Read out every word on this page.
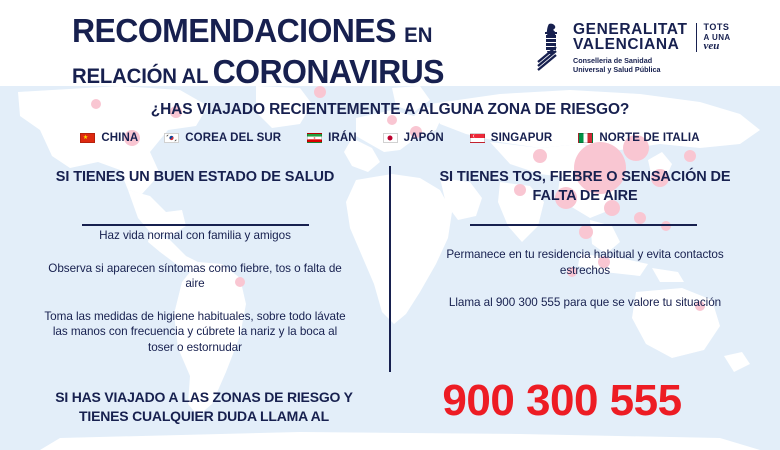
RECOMENDACIONES EN
RELACIÓN AL CORONAVIRUS
GENERALITAT
VALENCIANA
Conselleria de Sanidad
Universal y Salud Pública
TOTS
A UNA
veu
¿HAS VIAJADO RECIENTEMENTE A ALGUNA ZONA DE RIESGO?
★ CHINA	COREA DEL SUR	IRÁN	JAPÓN	SINGAPUR	NORTE DE ITALIA
SI TIENES UN BUEN ESTADO DE SALUD
Haz vida normal con familia y amigos
Observa si aparecen síntomas como fiebre, tos o falta de aire
Toma las medidas de higiene habituales, sobre todo lávate las manos con frecuencia y cúbrete la nariz y la boca al toser o estornudar
SI TIENES TOS, FIEBRE O SENSACIÓN DE FALTA DE AIRE
Permanece en tu residencia habitual y evita contactos estrechos
Llama al 900 300 555 para que se valore tu situación
SI HAS VIAJADO A LAS ZONAS DE RIESGO Y TIENES CUALQUIER DUDA LLAMA AL	900 300 555
